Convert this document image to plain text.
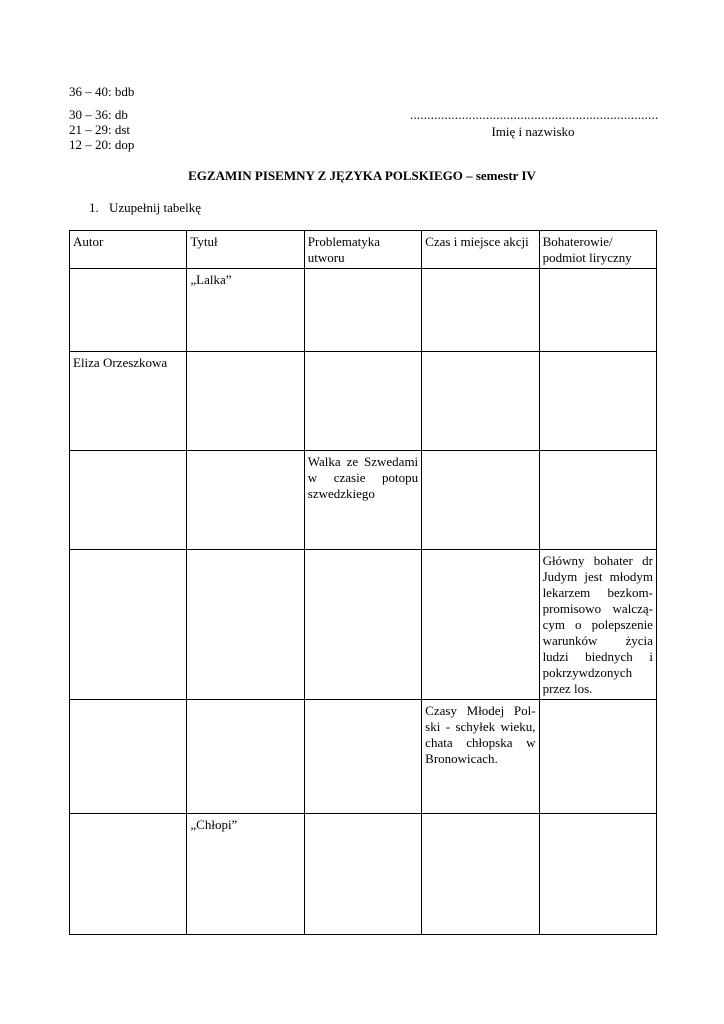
36 – 40: bdb
30 – 36: db
21 – 29: dst
12 – 20: dop
........................................................................
Imię i nazwisko
EGZAMIN PISEMNY Z JĘZYKA POLSKIEGO – semestr IV
1. Uzupełnij tabelkę
Autor	Tytuł	Problematyka utworu	Czas i miejsce akcji	Bohaterowie/ podmiot liryczny
	„Lalka”			
Eliza Orzeszkowa				
		Walka ze Szwedami w czasie potopu szwedzkiego		
				Główny bohater dr Judym jest młodym lekarzem bezkom-promisowo walczą-cym o polepszenie warunków życia ludzi biednych i pokrzywdzonych przez los.
			Czasy Młodej Pol-ski - schyłek wieku, chata chłopska w Bronowicach.	
	„Chłopi”			
